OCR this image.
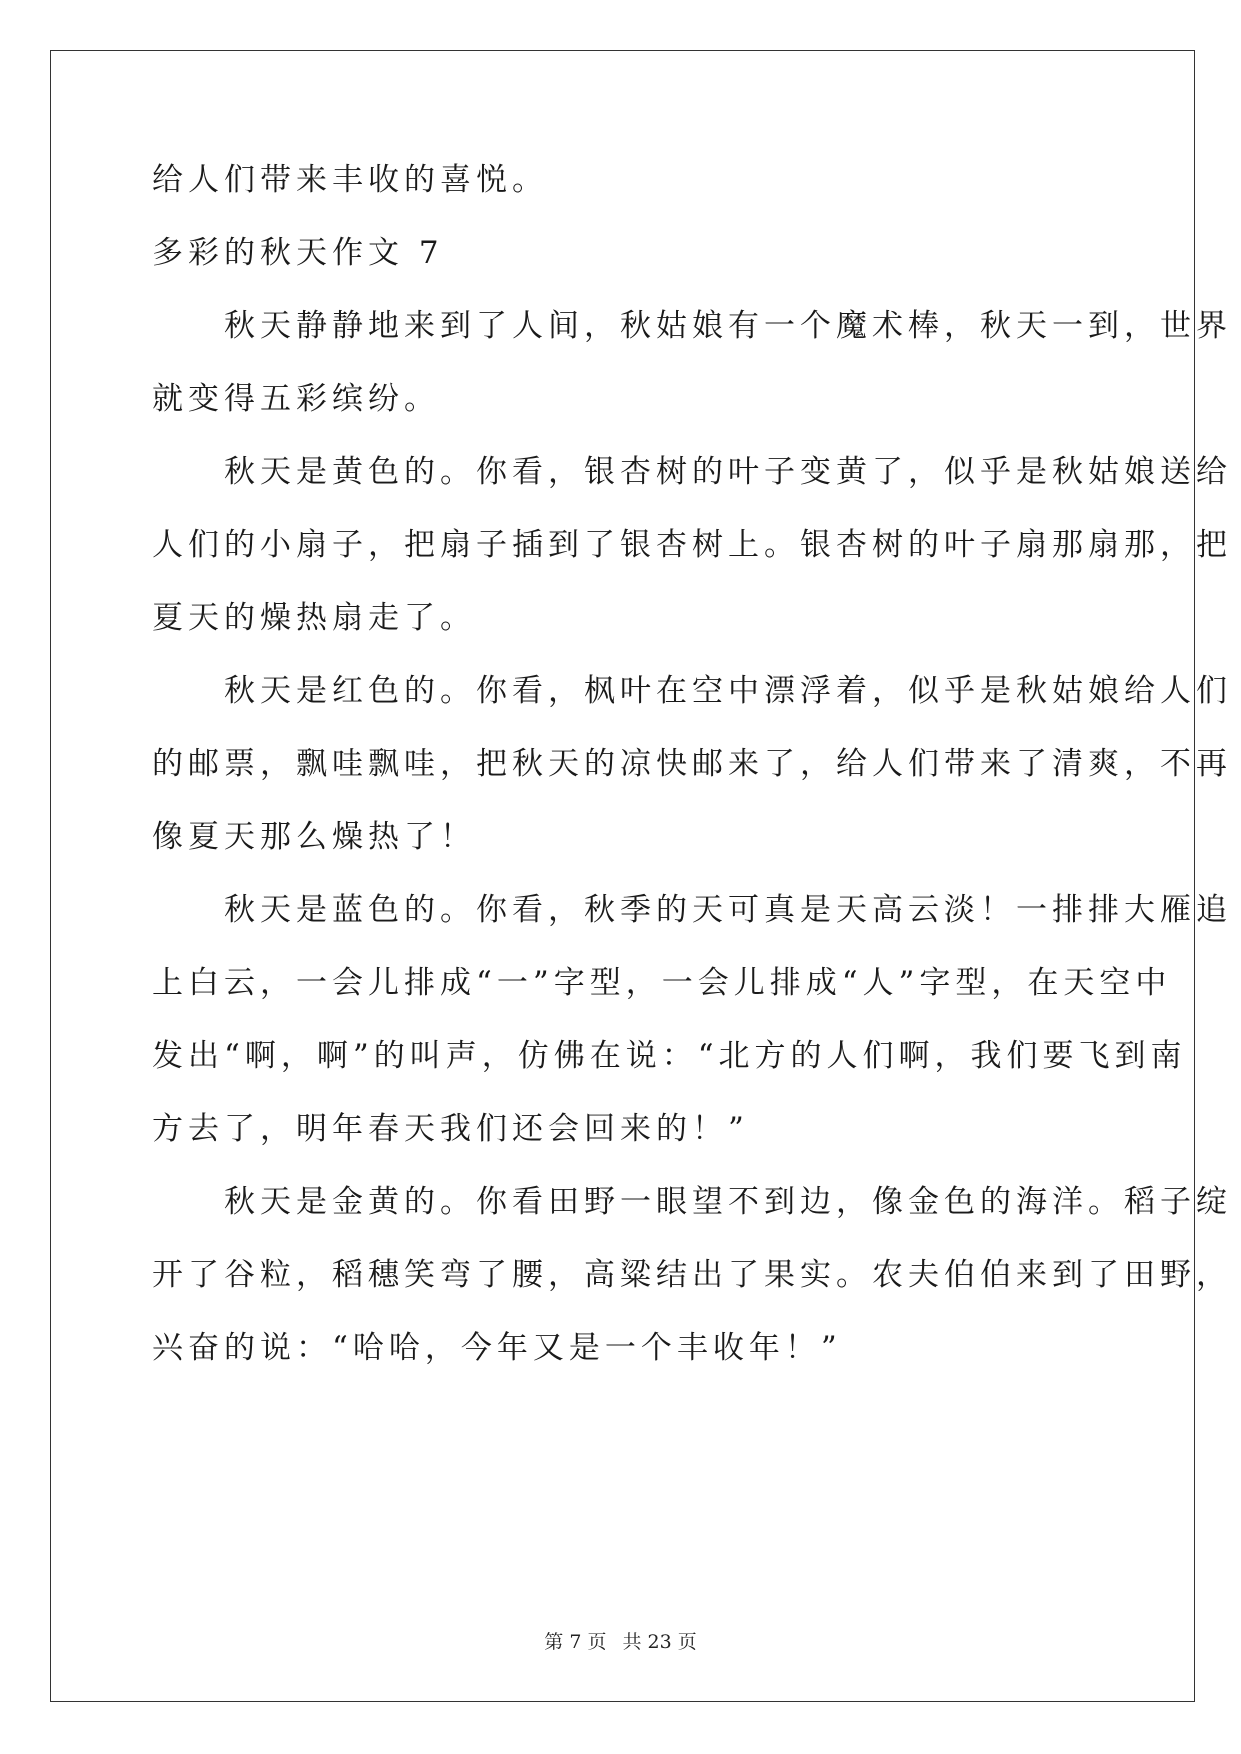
给人们带来丰收的喜悦。
多彩的秋天作文 7
　　秋天静静地来到了人间，秋姑娘有一个魔术棒，秋天一到，世界
就变得五彩缤纷。
　　秋天是黄色的。你看，银杏树的叶子变黄了，似乎是秋姑娘送给
人们的小扇子，把扇子插到了银杏树上。银杏树的叶子扇那扇那，把
夏天的燥热扇走了。
　　秋天是红色的。你看，枫叶在空中漂浮着，似乎是秋姑娘给人们
的邮票，飘哇飘哇，把秋天的凉快邮来了，给人们带来了清爽，不再
像夏天那么燥热了！
　　秋天是蓝色的。你看，秋季的天可真是天高云淡！一排排大雁追
上白云，一会儿排成“一”字型，一会儿排成“人”字型，在天空中
发出“啊，啊”的叫声，仿佛在说：“北方的人们啊，我们要飞到南
方去了，明年春天我们还会回来的！”
　　秋天是金黄的。你看田野一眼望不到边，像金色的海洋。稻子绽
开了谷粒，稻穗笑弯了腰，高粱结出了果实。农夫伯伯来到了田野，
兴奋的说：“哈哈，今年又是一个丰收年！”
第 7 页 共 23 页
